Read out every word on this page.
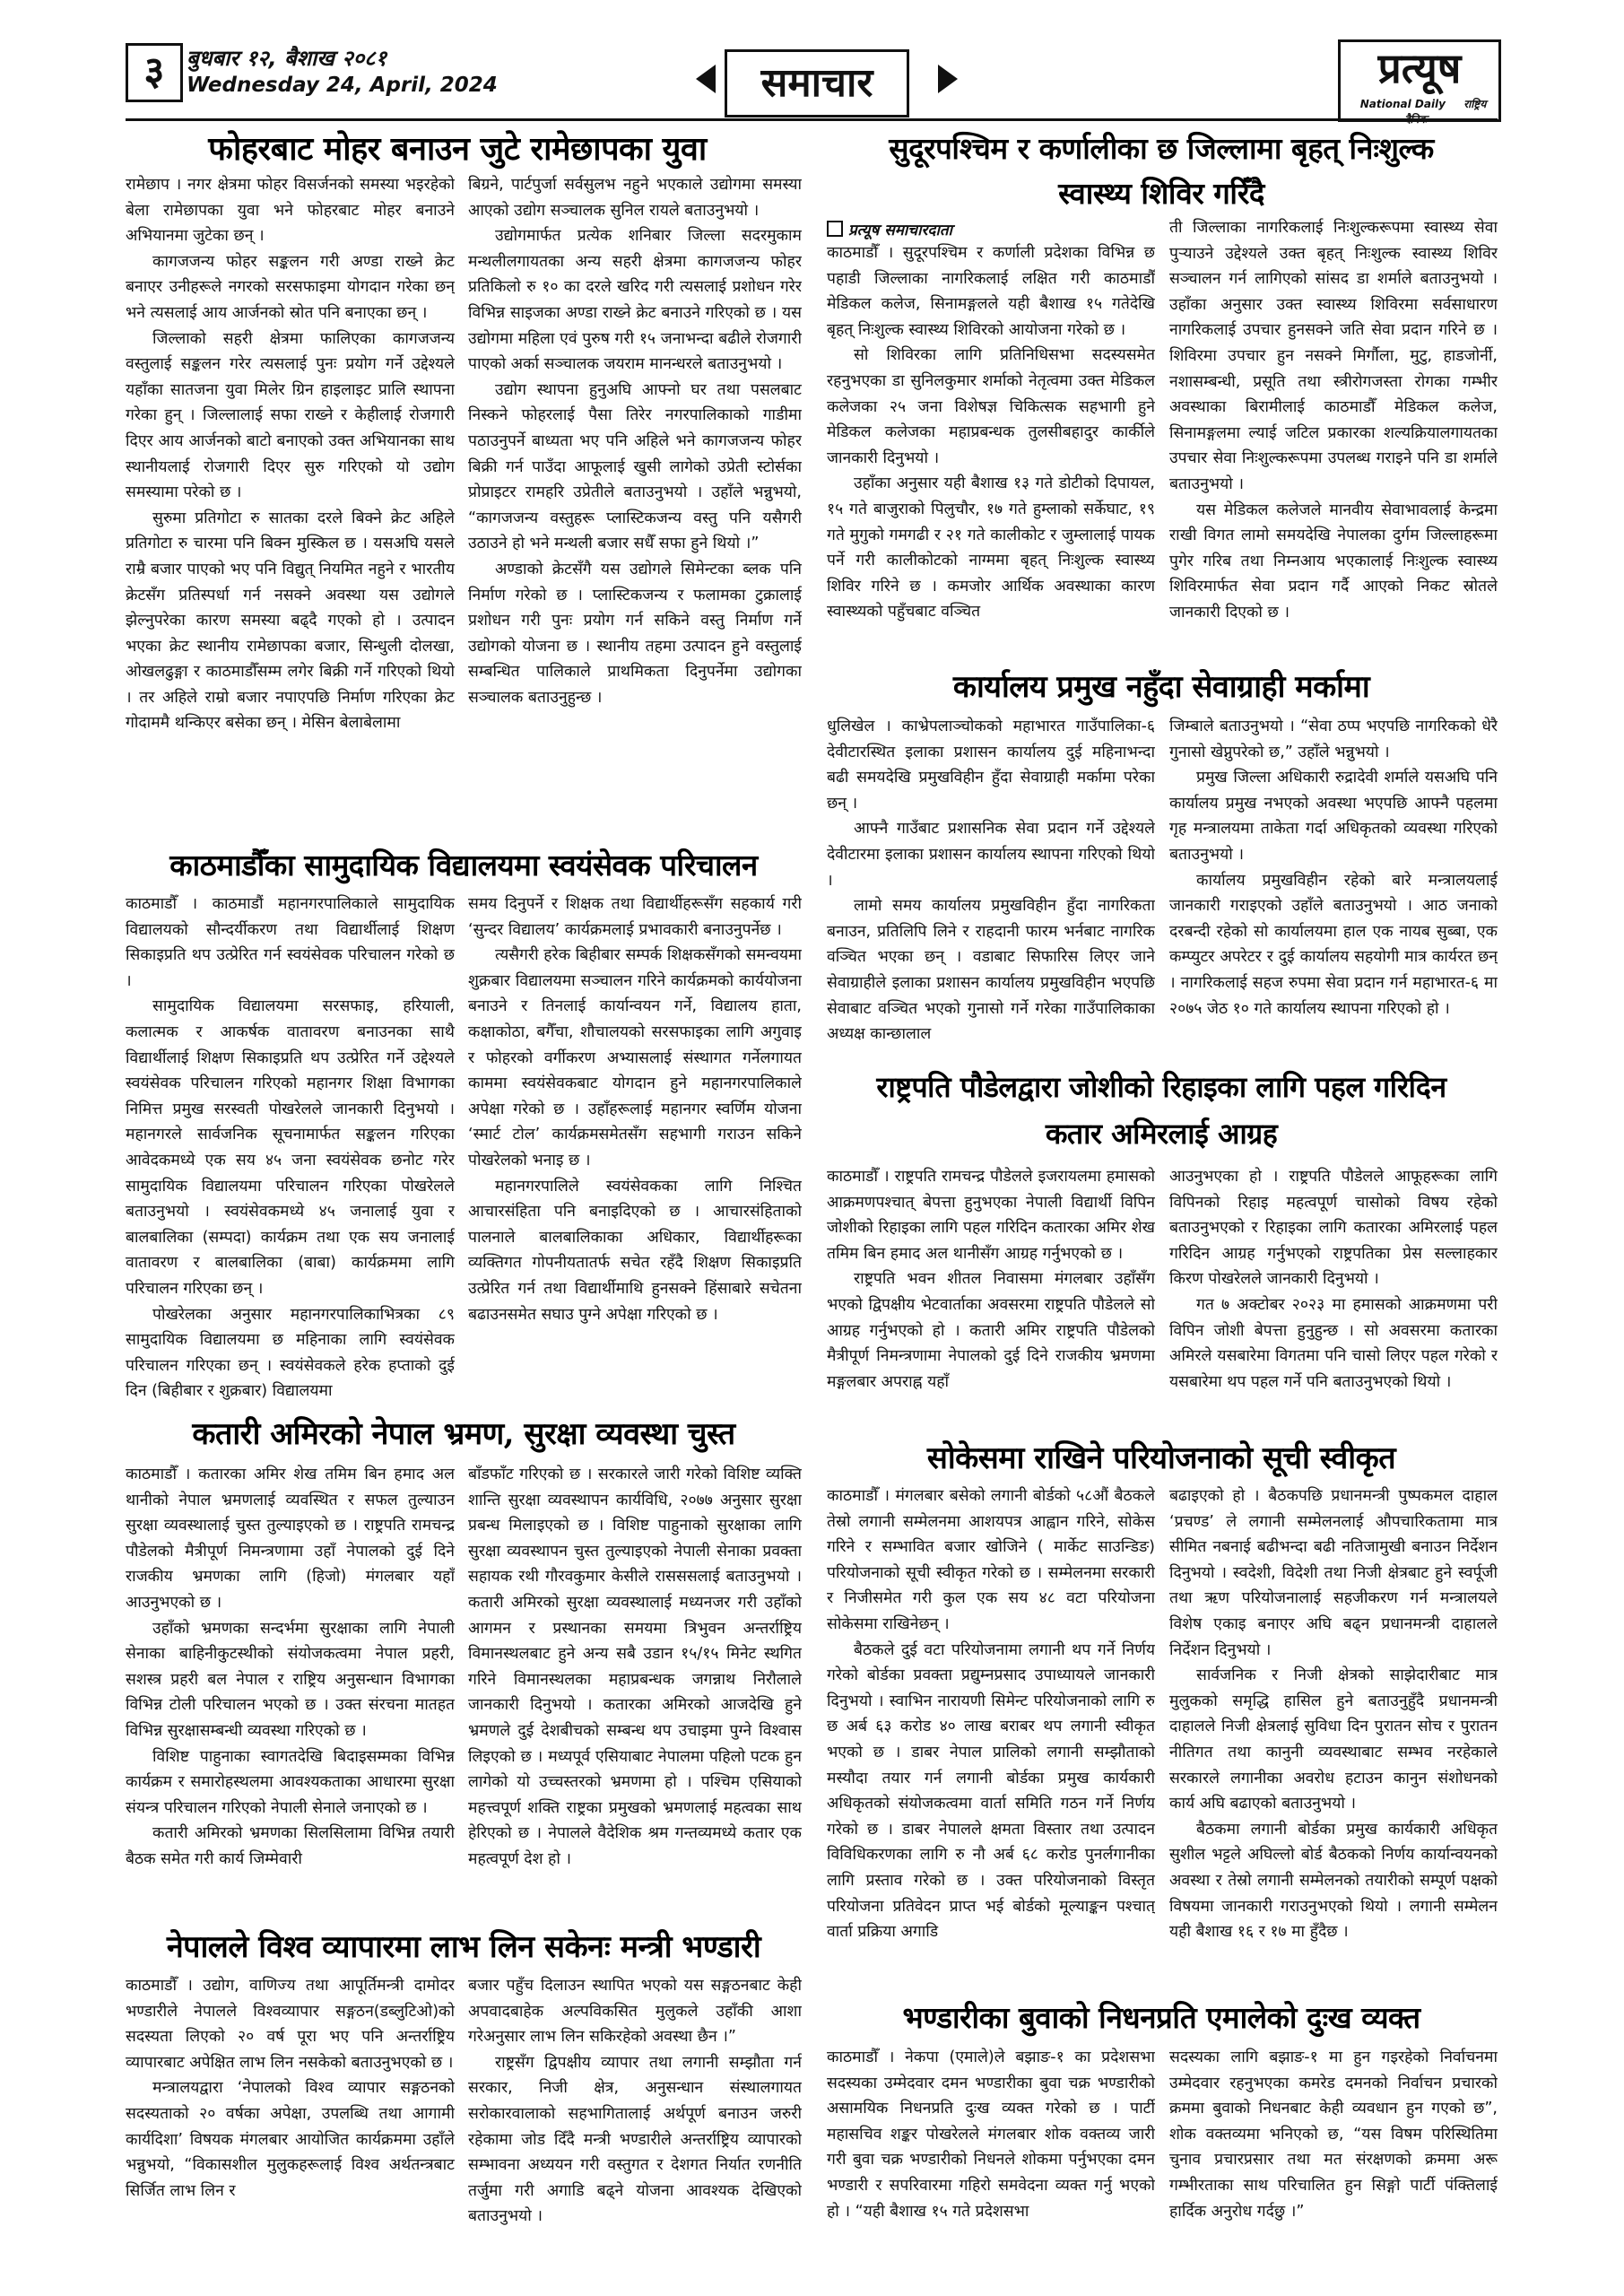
३	बुधबार १२, बैशाख २०८१
Wednesday 24, April, 2024	समाचार	प्रत्यूष
National Daily राष्ट्रिय
फोहरबाट मोहर बनाउन जुटे रामेछापका युवा

रामेछाप । नगर क्षेत्रमा फोहर विसर्जनको समस्या भइरहेको बेला रामेछापका युवा भने फोहरबाट मोहर बनाउने अभियानमा जुटेका छन् ।

कागजजन्य फोहर सङ्कलन गरी अण्डा राख्ने क्रेट बनाएर उनीहरूले नगरको सरसफाइमा योगदान गरेका छन् भने त्यसलाई आय आर्जनको स्रोत पनि बनाएका छन् ।

जिल्लाको सहरी क्षेत्रमा फालिएका कागजजन्य वस्तुलाई सङ्कलन गरेर त्यसलाई पुनः प्रयोग गर्ने उद्देश्यले यहाँका सातजना युवा मिलेर ग्रिन हाइलाइट प्रालि स्थापना गरेका हुन् । जिल्लालाई सफा राख्ने र केहीलाई रोजगारी दिएर आय आर्जनको बाटो बनाएको उक्त अभियानका साथ स्थानीयलाई रोजगारी दिएर सुरु गरिएको यो उद्योग समस्यामा परेको छ ।

सुरुमा प्रतिगोटा रु सातका दरले बिक्ने क्रेट अहिले प्रतिगोटा रु चारमा पनि बिक्न मुस्किल छ । यसअघि यसले राम्रै बजार पाएको भए पनि विद्युत् नियमित नहुने र भारतीय क्रेटसँग प्रतिस्पर्धा गर्न नसक्ने अवस्था यस उद्योगले झेल्नुपरेका कारण समस्या बढ्दै गएको हो । उत्पादन भएका क्रेट स्थानीय रामेछापका बजार, सिन्धुली दोलखा, ओखलढुङ्गा र काठमाडौँसम्म लगेर बिक्री गर्ने गरिएको थियो । तर अहिले राम्रो बजार नपाएपछि निर्माण गरिएका क्रेट गोदाममै थन्किएर बसेका छन् । मेसिन बेलाबेलामा

बिग्रने, पार्टपुर्जा सर्वसुलभ नहुने भएकाले उद्योगमा समस्या आएको उद्योग सञ्चालक सुनिल रायले बताउनुभयो ।

उद्योगमार्फत प्रत्येक शनिबार जिल्ला सदरमुकाम मन्थलीलगायतका अन्य सहरी क्षेत्रमा कागजजन्य फोहर प्रतिकिलो रु १० का दरले खरिद गरी त्यसलाई प्रशोधन गरेर विभिन्न साइजका अण्डा राख्ने क्रेट बनाउने गरिएको छ । यस उद्योगमा महिला एवं पुरुष गरी १५ जनाभन्दा बढीले रोजगारी पाएको अर्का सञ्चालक जयराम मानन्धरले बताउनुभयो ।

उद्योग स्थापना हुनुअघि आफ्नो घर तथा पसलबाट निस्कने फोहरलाई पैसा तिरेर नगरपालिकाको गाडीमा पठाउनुपर्ने बाध्यता भए पनि अहिले भने कागजजन्य फोहर बिक्री गर्न पाउँदा आफूलाई खुसी लागेको उप्रेती स्टोर्सका प्रोप्राइटर रामहरि उप्रेतीले बताउनुभयो । उहाँले भन्नुभयो, “कागजजन्य वस्तुहरू प्लास्टिकजन्य वस्तु पनि यसैगरी उठाउने हो भने मन्थली बजार सधैँ सफा हुने थियो ।”

अण्डाको क्रेटसँगै यस उद्योगले सिमेन्टका ब्लक पनि निर्माण गरेको छ । प्लास्टिकजन्य र फलामका टुक्रालाई प्रशोधन गरी पुनः प्रयोग गर्न सकिने वस्तु निर्माण गर्ने उद्योगको योजना छ । स्थानीय तहमा उत्पादन हुने वस्तुलाई सम्बन्धित पालिकाले प्राथमिकता दिनुपर्नेमा उद्योगका सञ्चालक बताउनुहुन्छ ।

काठमाडौँका सामुदायिक विद्यालयमा स्वयंसेवक परिचालन

काठमाडौँ । काठमाडौं महानगरपालिकाले सामुदायिक विद्यालयको सौन्दर्यीकरण तथा विद्यार्थीलाई शिक्षण सिकाइप्रति थप उत्प्रेरित गर्न स्वयंसेवक परिचालन गरेको छ ।

सामुदायिक विद्यालयमा सरसफाइ, हरियाली, कलात्मक र आकर्षक वातावरण बनाउनका साथै विद्यार्थीलाई शिक्षण सिकाइप्रति थप उत्प्रेरित गर्ने उद्देश्यले स्वयंसेवक परिचालन गरिएको महानगर शिक्षा विभागका निमित्त प्रमुख सरस्वती पोखरेलले जानकारी दिनुभयो । महानगरले सार्वजनिक सूचनामार्फत सङ्कलन गरिएका आवेदकमध्ये एक सय ४५ जना स्वयंसेवक छनोट गरेर सामुदायिक विद्यालयमा परिचालन गरिएका पोखरेलले बताउनुभयो । स्वयंसेवकमध्ये ४५ जनालाई युवा र बालबालिका (सम्पदा) कार्यक्रम तथा एक सय जनालाई वातावरण र बालबालिका (बाबा) कार्यक्रममा लागि परिचालन गरिएका छन् ।

पोखरेलका अनुसार महानगरपालिकाभित्रका ८९ सामुदायिक विद्यालयमा छ महिनाका लागि स्वयंसेवक परिचालन गरिएका छन् । स्वयंसेवकले हरेक हप्ताको दुई दिन (बिहीबार र शुक्रबार) विद्यालयमा

समय दिनुपर्ने र शिक्षक तथा विद्यार्थीहरूसँग सहकार्य गरी ‘सुन्दर विद्यालय’ कार्यक्रमलाई प्रभावकारी बनाउनुपर्नेछ ।

त्यसैगरी हरेक बिहीबार सम्पर्क शिक्षकसँगको समन्वयमा शुक्रबार विद्यालयमा सञ्चालन गरिने कार्यक्रमको कार्ययोजना बनाउने र तिनलाई कार्यान्वयन गर्ने, विद्यालय हाता, कक्षाकोठा, बगैँचा, शौचालयको सरसफाइका लागि अगुवाइ र फोहरको वर्गीकरण अभ्यासलाई संस्थागत गर्नेलगायत काममा स्वयंसेवकबाट योगदान हुने महानगरपालिकाले अपेक्षा गरेको छ । उहाँहरूलाई महानगर स्वर्णिम योजना ‘स्मार्ट टोल’ कार्यक्रमसमेतसँग सहभागी गराउन सकिने पोखरेलको भनाइ छ ।

महानगरपालिले स्वयंसेवकका लागि निश्चित आचारसंहिता पनि बनाइदिएको छ । आचारसंहिताको पालनाले बालबालिकाका अधिकार, विद्यार्थीहरूका व्यक्तिगत गोपनीयतातर्फ सचेत रहँदै शिक्षण सिकाइप्रति उत्प्रेरित गर्न तथा विद्यार्थीमाथि हुनसक्ने हिंसाबारे सचेतना बढाउनसमेत सघाउ पुग्ने अपेक्षा गरिएको छ ।

कतारी अमिरको नेपाल भ्रमण, सुरक्षा व्यवस्था चुस्त

काठमाडौँ । कतारका अमिर शेख तमिम बिन हमाद अल थानीको नेपाल भ्रमणलाई व्यवस्थित र सफल तुल्याउन सुरक्षा व्यवस्थालाई चुस्त तुल्याइएको छ । राष्ट्रपति रामचन्द्र पौडेलको मैत्रीपूर्ण निमन्त्रणामा उहाँ नेपालको दुई दिने राजकीय भ्रमणका लागि (हिजो) मंगलबार यहाँ आउनुभएको छ ।

उहाँको भ्रमणका सन्दर्भमा सुरक्षाका लागि नेपाली सेनाका बाहिनीकुटस्थीको संयोजकत्वमा नेपाल प्रहरी, सशस्त्र प्रहरी बल नेपाल र राष्ट्रिय अनुसन्धान विभागका विभिन्न टोली परिचालन भएको छ । उक्त संरचना मातहत विभिन्न सुरक्षासम्बन्धी व्यवस्था गरिएको छ ।

विशिष्ट पाहुनाका स्वागतदेखि बिदाइसम्मका विभिन्न कार्यक्रम र समारोहस्थलमा आवश्यकताका आधारमा सुरक्षा संयन्त्र परिचालन गरिएको नेपाली सेनाले जनाएको छ ।

कतारी अमिरको भ्रमणका सिलसिलामा विभिन्न तयारी बैठक समेत गरी कार्य जिम्मेवारी

बाँडफाँट गरिएको छ । सरकारले जारी गरेको विशिष्ट व्यक्ति शान्ति सुरक्षा व्यवस्थापन कार्यविधि, २०७७ अनुसार सुरक्षा प्रबन्ध मिलाइएको छ । विशिष्ट पाहुनाको सुरक्षाका लागि सुरक्षा व्यवस्थापन चुस्त तुल्याइएको नेपाली सेनाका प्रवक्ता सहायक रथी गौरवकुमार केसीले रासससलाई बताउनुभयो । कतारी अमिरको सुरक्षा व्यवस्थालाई मध्यनजर गरी उहाँको आगमन र प्रस्थानका समयमा त्रिभुवन अन्तर्राष्ट्रिय विमानस्थलबाट हुने अन्य सबै उडान १५/१५ मिनेट स्थगित गरिने विमानस्थलका महाप्रबन्धक जगन्नाथ निरौलाले जानकारी दिनुभयो । कतारका अमिरको आजदेखि हुने भ्रमणले दुई देशबीचको सम्बन्ध थप उचाइमा पुग्ने विश्वास लिइएको छ । मध्यपूर्व एसियाबाट नेपालमा पहिलो पटक हुन लागेको यो उच्चस्तरको भ्रमणमा हो । पश्चिम एसियाको महत्त्वपूर्ण शक्ति राष्ट्रका प्रमुखको भ्रमणलाई महत्वका साथ हेरिएको छ । नेपालले वैदेशिक श्रम गन्तव्यमध्ये कतार एक महत्वपूर्ण देश हो ।

नेपालले विश्व व्यापारमा लाभ लिन सकेनः मन्त्री भण्डारी

काठमाडौँ । उद्योग, वाणिज्य तथा आपूर्तिमन्त्री दामोदर भण्डारीले नेपालले विश्वव्यापार सङ्गठन(डब्लुटिओ)को सदस्यता लिएको २० वर्ष पूरा भए पनि अन्तर्राष्ट्रिय व्यापारबाट अपेक्षित लाभ लिन नसकेको बताउनुभएको छ ।

मन्त्रालयद्वारा ‘नेपालको विश्व व्यापार सङ्गठनको सदस्यताको २० वर्षका अपेक्षा, उपलब्धि तथा आगामी कार्यदिशा’ विषयक मंगलबार आयोजित कार्यक्रममा उहाँले भन्नुभयो, “विकासशील मुलुकहरूलाई विश्व अर्थतन्त्रबाट सिर्जित लाभ लिन र

बजार पहुँच दिलाउन स्थापित भएको यस सङ्गठनबाट केही अपवादबाहेक अल्पविकसित मुलुकले उहाँकी आशा गरेअनुसार लाभ लिन सकिरहेको अवस्था छैन ।”

राष्ट्रसँग द्विपक्षीय व्यापार तथा लगानी सम्झौता गर्न सरकार, निजी क्षेत्र, अनुसन्धान संस्थालगायत सरोकारवालाको सहभागितालाई अर्थपूर्ण बनाउन जरुरी रहेकामा जोड दिँदै मन्त्री भण्डारीले अन्तर्राष्ट्रिय व्यापारको सम्भावना अध्ययन गरी वस्तुगत र देशगत निर्यात रणनीति तर्जुमा गरी अगाडि बढ्ने योजना आवश्यक देखिएको बताउनुभयो ।

सुदूरपश्चिम र कर्णालीका छ जिल्लामा बृहत् निःशुल्क
स्वास्थ्य शिविर गरिँदै
प्रत्यूष समाचारदाता

काठमाडौँ । सुदूरपश्चिम र कर्णाली प्रदेशका विभिन्न छ पहाडी जिल्लाका नागरिकलाई लक्षित गरी काठमाडौँ मेडिकल कलेज, सिनामङ्गलले यही बैशाख १५ गतेदेखि बृहत् निःशुल्क स्वास्थ्य शिविरको आयोजना गरेको छ ।

सो शिविरका लागि प्रतिनिधिसभा सदस्यसमेत रहनुभएका डा सुनिलकुमार शर्माको नेतृत्वमा उक्त मेडिकल कलेजका २५ जना विशेषज्ञ चिकित्सक सहभागी हुने मेडिकल कलेजका महाप्रबन्धक तुलसीबहादुर कार्कीले जानकारी दिनुभयो ।

उहाँका अनुसार यही बैशाख १३ गते डोटीको दिपायल, १५ गते बाजुराको पिलुचौर, १७ गते हुम्लाको सर्केघाट, १९ गते मुगुको गमगढी र २१ गते कालीकोट र जुम्लालाई पायक पर्ने गरी कालीकोटको नाग्ममा बृहत् निःशुल्क स्वास्थ्य शिविर गरिने छ । कमजोर आर्थिक अवस्थाका कारण स्वास्थ्यको पहुँचबाट वञ्चित

ती जिल्लाका नागरिकलाई निःशुल्करूपमा स्वास्थ्य सेवा पुऱ्याउने उद्देश्यले उक्त बृहत् निःशुल्क स्वास्थ्य शिविर सञ्चालन गर्न लागिएको सांसद डा शर्माले बताउनुभयो । उहाँका अनुसार उक्त स्वास्थ्य शिविरमा सर्वसाधारण नागरिकलाई उपचार हुनसक्ने जति सेवा प्रदान गरिने छ । शिविरमा उपचार हुन नसक्ने मिर्गौला, मुटु, हाडजोर्नी, नशासम्बन्धी, प्रसूति तथा स्त्रीरोगजस्ता रोगका गम्भीर अवस्थाका बिरामीलाई काठमाडौँ मेडिकल कलेज, सिनामङ्गलमा ल्याई जटिल प्रकारका शल्यक्रियालगायतका उपचार सेवा निःशुल्करूपमा उपलब्ध गराइने पनि डा शर्माले बताउनुभयो ।

यस मेडिकल कलेजले मानवीय सेवाभावलाई केन्द्रमा राखी विगत लामो समयदेखि नेपालका दुर्गम जिल्लाहरूमा पुगेर गरिब तथा निम्नआय भएकालाई निःशुल्क स्वास्थ्य शिविरमार्फत सेवा प्रदान गर्दै आएको निकट स्रोतले जानकारी दिएको छ ।

कार्यालय प्रमुख नहुँदा सेवाग्राही मर्कामा

धुलिखेल । काभ्रेपलाञ्चोकको महाभारत गाउँपालिका-६ देवीटारस्थित इलाका प्रशासन कार्यालय दुई महिनाभन्दा बढी समयदेखि प्रमुखविहीन हुँदा सेवाग्राही मर्कामा परेका छन् ।

आफ्नै गाउँबाट प्रशासनिक सेवा प्रदान गर्ने उद्देश्यले देवीटारमा इलाका प्रशासन कार्यालय स्थापना गरिएको थियो ।

लामो समय कार्यालय प्रमुखविहीन हुँदा नागरिकता बनाउन, प्रतिलिपि लिने र राहदानी फारम भर्नबाट नागरिक वञ्चित भएका छन् । वडाबाट सिफारिस लिएर जाने सेवाग्राहीले इलाका प्रशासन कार्यालय प्रमुखविहीन भएपछि सेवाबाट वञ्चित भएको गुनासो गर्ने गरेका गाउँपालिकाका अध्यक्ष कान्छालाल

जिम्बाले बताउनुभयो । “सेवा ठप्प भएपछि नागरिकको धेरै गुनासो खेप्नुपरेको छ,” उहाँले भन्नुभयो ।

प्रमुख जिल्ला अधिकारी रुद्रादेवी शर्माले यसअघि पनि कार्यालय प्रमुख नभएको अवस्था भएपछि आफ्नै पहलमा गृह मन्त्रालयमा ताकेता गर्दा अधिकृतको व्यवस्था गरिएको बताउनुभयो ।

कार्यालय प्रमुखविहीन रहेको बारे मन्त्रालयलाई जानकारी गराइएको उहाँले बताउनुभयो । आठ जनाको दरबन्दी रहेको सो कार्यालयमा हाल एक नायब सुब्बा, एक कम्प्युटर अपरेटर र दुई कार्यालय सहयोगी मात्र कार्यरत छन् । नागरिकलाई सहज रुपमा सेवा प्रदान गर्न महाभारत-६ मा २०७५ जेठ १० गते कार्यालय स्थापना गरिएको हो ।

राष्ट्रपति पौडेलद्वारा जोशीको रिहाइका लागि पहल गरिदिन
कतार अमिरलाई आग्रह

काठमाडौँ । राष्ट्रपति रामचन्द्र पौडेलले इजरायलमा हमासको आक्रमणपश्चात् बेपत्ता हुनुभएका नेपाली विद्यार्थी विपिन जोशीको रिहाइका लागि पहल गरिदिन कतारका अमिर शेख तमिम बिन हमाद अल थानीसँग आग्रह गर्नुभएको छ ।

राष्ट्रपति भवन शीतल निवासमा मंगलबार उहाँसँग भएको द्विपक्षीय भेटवार्ताका अवसरमा राष्ट्रपति पौडेलले सो आग्रह गर्नुभएको हो । कतारी अमिर राष्ट्रपति पौडेलको मैत्रीपूर्ण निमन्त्रणामा नेपालको दुई दिने राजकीय भ्रमणमा मङ्गलबार अपराह्न यहाँ

आउनुभएका हो । राष्ट्रपति पौडेलले आफूहरूका लागि विपिनको रिहाइ महत्वपूर्ण चासोको विषय रहेको बताउनुभएको र रिहाइका लागि कतारका अमिरलाई पहल गरिदिन आग्रह गर्नुभएको राष्ट्रपतिका प्रेस सल्लाहकार किरण पोखरेलले जानकारी दिनुभयो ।

गत ७ अक्टोबर २०२३ मा हमासको आक्रमणमा परी विपिन जोशी बेपत्ता हुनुहुन्छ । सो अवसरमा कतारका अमिरले यसबारेमा विगतमा पनि चासो लिएर पहल गरेको र यसबारेमा थप पहल गर्ने पनि बताउनुभएको थियो ।

सोकेसमा राखिने परियोजनाको सूची स्वीकृत

काठमाडौँ । मंगलबार बसेको लगानी बोर्डको ५८औं बैठकले तेस्रो लगानी सम्मेलनमा आशयपत्र आह्वान गरिने, सोकेस गरिने र सम्भावित बजार खोजिने ( मार्केट साउन्डिङ) परियोजनाको सूची स्वीकृत गरेको छ । सम्मेलनमा सरकारी र निजीसमेत गरी कुल एक सय ४८ वटा परियोजना सोकेसमा राखिनेछन् ।

बैठकले दुई वटा परियोजनामा लगानी थप गर्ने निर्णय गरेको बोर्डका प्रवक्ता प्रद्युम्नप्रसाद उपाध्यायले जानकारी दिनुभयो । स्वाभिन नारायणी सिमेन्ट परियोजनाको लागि रु छ अर्ब ६३ करोड ४० लाख बराबर थप लगानी स्वीकृत भएको छ । डाबर नेपाल प्रालिको लगानी सम्झौताको मस्यौदा तयार गर्न लगानी बोर्डका प्रमुख कार्यकारी अधिकृतको संयोजकत्वमा वार्ता समिति गठन गर्ने निर्णय गरेको छ । डाबर नेपालले क्षमता विस्तार तथा उत्पादन विविधिकरणका लागि रु नौ अर्ब ६८ करोड पुनर्लगानीका लागि प्रस्ताव गरेको छ । उक्त परियोजनाको विस्तृत परियोजना प्रतिवेदन प्राप्त भई बोर्डको मूल्याङ्कन पश्चात् वार्ता प्रक्रिया अगाडि

बढाइएको हो । बैठकपछि प्रधानमन्त्री पुष्पकमल दाहाल ‘प्रचण्ड’ ले लगानी सम्मेलनलाई औपचारिकतामा मात्र सीमित नबनाई बढीभन्दा बढी नतिजामुखी बनाउन निर्देशन दिनुभयो । स्वदेशी, विदेशी तथा निजी क्षेत्रबाट हुने स्वर्पूजी तथा ऋण परियोजनालाई सहजीकरण गर्न मन्त्रालयले विशेष एकाइ बनाएर अघि बढ्न प्रधानमन्त्री दाहालले निर्देशन दिनुभयो ।

सार्वजनिक र निजी क्षेत्रको साझेदारीबाट मात्र मुलुकको समृद्धि हासिल हुने बताउनुहुँदै प्रधानमन्त्री दाहालले निजी क्षेत्रलाई सुविधा दिन पुरातन सोच र पुरातन नीतिगत तथा कानुनी व्यवस्थाबाट सम्भव नरहेकाले सरकारले लगानीका अवरोध हटाउन कानुन संशोधनको कार्य अघि बढाएको बताउनुभयो ।

बैठकमा लगानी बोर्डका प्रमुख कार्यकारी अधिकृत सुशील भट्टले अघिल्लो बोर्ड बैठकको निर्णय कार्यान्वयनको अवस्था र तेस्रो लगानी सम्मेलनको तयारीको सम्पूर्ण पक्षको विषयमा जानकारी गराउनुभएको थियो । लगानी सम्मेलन यही बैशाख १६ र १७ मा हुँदैछ ।

भण्डारीका बुवाको निधनप्रति एमालेको दुःख व्यक्त

काठमाडौँ । नेकपा (एमाले)ले बझाङ-१ का प्रदेशसभा सदस्यका उम्मेदवार दमन भण्डारीका बुवा चक्र भण्डारीको असामयिक निधनप्रति दुःख व्यक्त गरेको छ । पार्टी महासचिव शङ्कर पोखरेलले मंगलबार शोक वक्तव्य जारी गरी बुवा चक्र भण्डारीको निधनले शोकमा पर्नुभएका दमन भण्डारी र सपरिवारमा गहिरो समवेदना व्यक्त गर्नु भएको हो । “यही बैशाख १५ गते प्रदेशसभा

सदस्यका लागि बझाङ-१ मा हुन गइरहेको निर्वाचनमा उम्मेदवार रहनुभएका कमरेड दमनको निर्वाचन प्रचारको क्रममा बुवाको निधनबाट केही व्यवधान हुन गएको छ”, शोक वक्तव्यमा भनिएको छ, “यस विषम परिस्थितिमा चुनाव प्रचारप्रसार तथा मत संरक्षणको क्रममा अरू गम्भीरताका साथ परिचालित हुन सिङ्गो पार्टी पंक्तिलाई हार्दिक अनुरोध गर्दछु ।”
